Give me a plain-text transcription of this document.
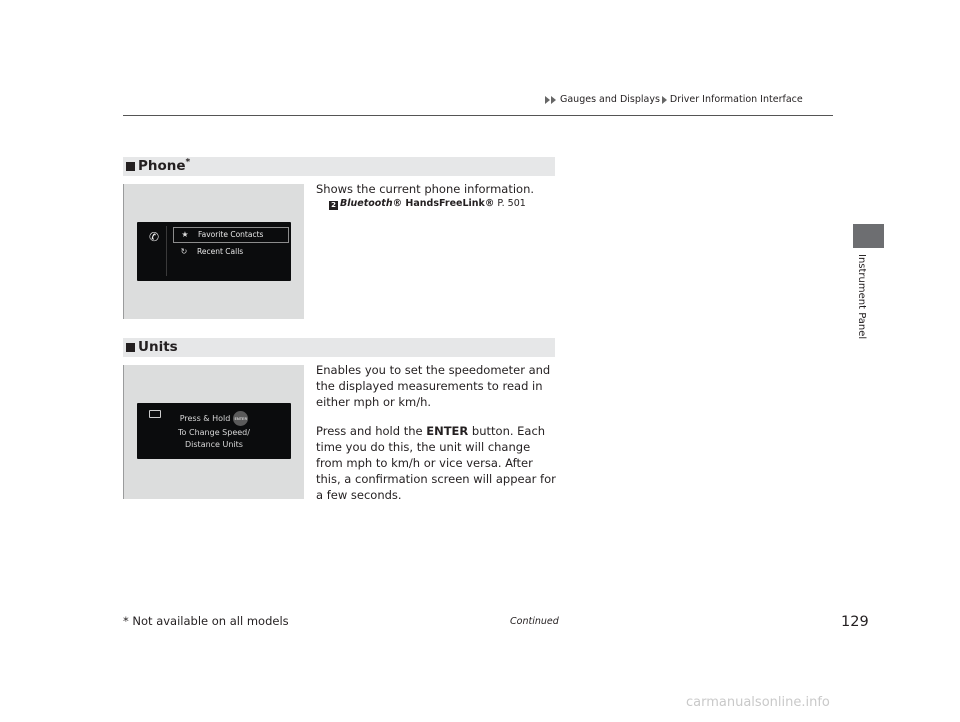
Gauges and Displays Driver Information Interface
Instrument Panel
Phone*
✆	★ Favorite Contacts
↻ Recent Calls
Shows the current phone information.
2 Bluetooth® HandsFreeLink® P. 501
Units
Press & Hold ENTER
To Change Speed/
Distance Units
Enables you to set the speedometer and the displayed measurements to read in either mph or km/h.
Press and hold the ENTER button. Each time you do this, the unit will change from mph to km/h or vice versa. After this, a confirmation screen will appear for a few seconds.
* Not available on all models	Continued	129
carmanualsonline.info
